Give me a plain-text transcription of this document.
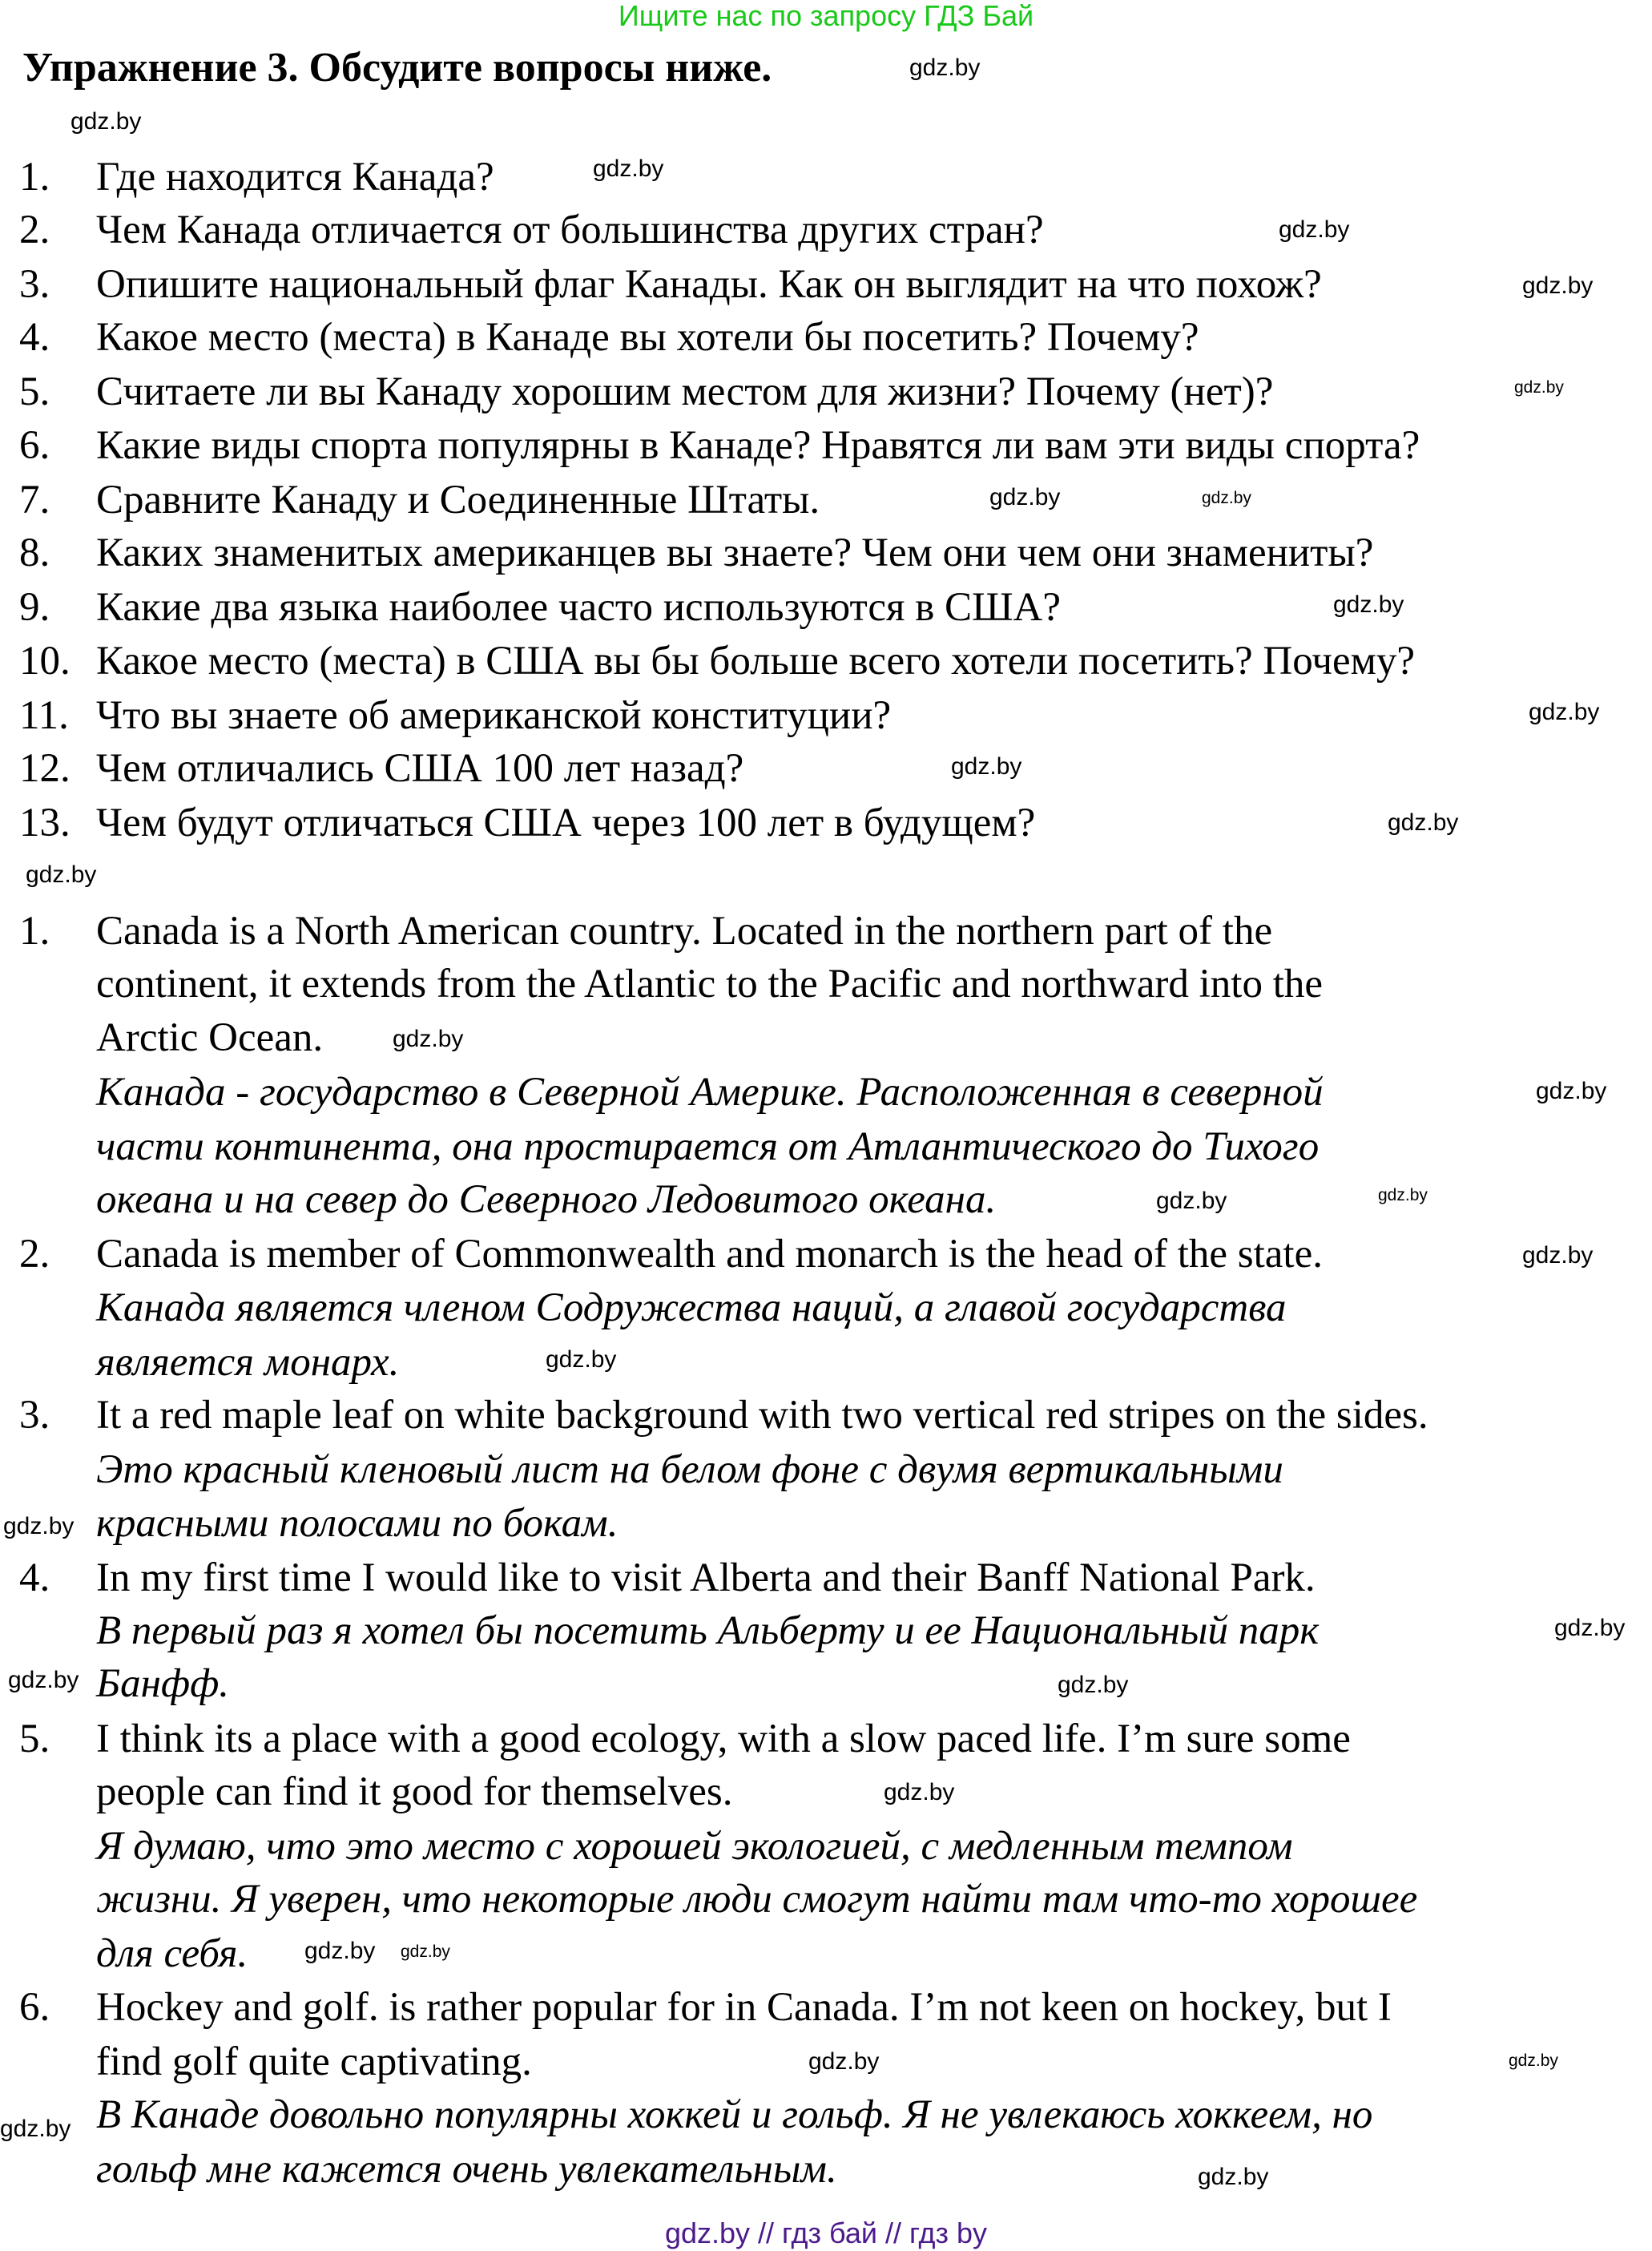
Ищите нас по запросу ГДЗ Бай
Упражнение 3. Обсудите вопросы ниже.
1. Где находится Канада?
2. Чем Канада отличается от большинства других стран?
3. Опишите национальный флаг Канады. Как он выглядит на что похож?
4. Какое место (места) в Канаде вы хотели бы посетить? Почему?
5. Считаете ли вы Канаду хорошим местом для жизни? Почему (нет)?
6. Какие виды спорта популярны в Канаде? Нравятся ли вам эти виды спорта?
7. Сравните Канаду и Соединенные Штаты.
8. Каких знаменитых американцев вы знаете? Чем они чем они знамениты?
9. Какие два языка наиболее часто используются в США?
10. Какое место (места) в США вы бы больше всего хотели посетить? Почему?
11. Что вы знаете об американской конституции?
12. Чем отличались США 100 лет назад?
13. Чем будут отличаться США через 100 лет в будущем?
1. Canada is a North American country. Located in the northern part of the
continent, it extends from the Atlantic to the Pacific and northward into the
Arctic Ocean.
Канада - государство в Северной Америке. Расположенная в северной
части континента, она простирается от Атлантического до Тихого
океана и на север до Северного Ледовитого океана.
2. Canada is member of Commonwealth and monarch is the head of the state.
Канада является членом Содружества наций, а главой государства
является монарх.
3. It a red maple leaf on white background with two vertical red stripes on the sides.
Это красный кленовый лист на белом фоне с двумя вертикальными
красными полосами по бокам.
4. In my first time I would like to visit Alberta and their Banff National Park.
В первый раз я хотел бы посетить Альберту и ее Национальный парк
Банфф.
5. I think its a place with a good ecology, with a slow paced life. I’m sure some
people can find it good for themselves.
Я думаю, что это место с хорошей экологией, с медленным темпом
жизни. Я уверен, что некоторые люди смогут найти там что-то хорошее
для себя.
6. Hockey and golf. is rather popular for in Canada. I’m not keen on hockey, but I
find golf quite captivating.
В Канаде довольно популярны хоккей и гольф. Я не увлекаюсь хоккеем, но
гольф мне кажется очень увлекательным.
gdz.by
gdz.by
gdz.by
gdz.by
gdz.by
gdz.by
gdz.by	gdz.by
gdz.by
gdz.by
gdz.by
gdz.by
gdz.by
gdz.by
gdz.by
gdz.by
gdz.by
gdz.by
gdz.by
gdz.by
gdz.by
gdz.by	gdz.by
gdz.by
gdz.by gdz.by
gdz.by
gdz.by
gdz.by
gdz.by
gdz.by // гдз бай // гдз by
